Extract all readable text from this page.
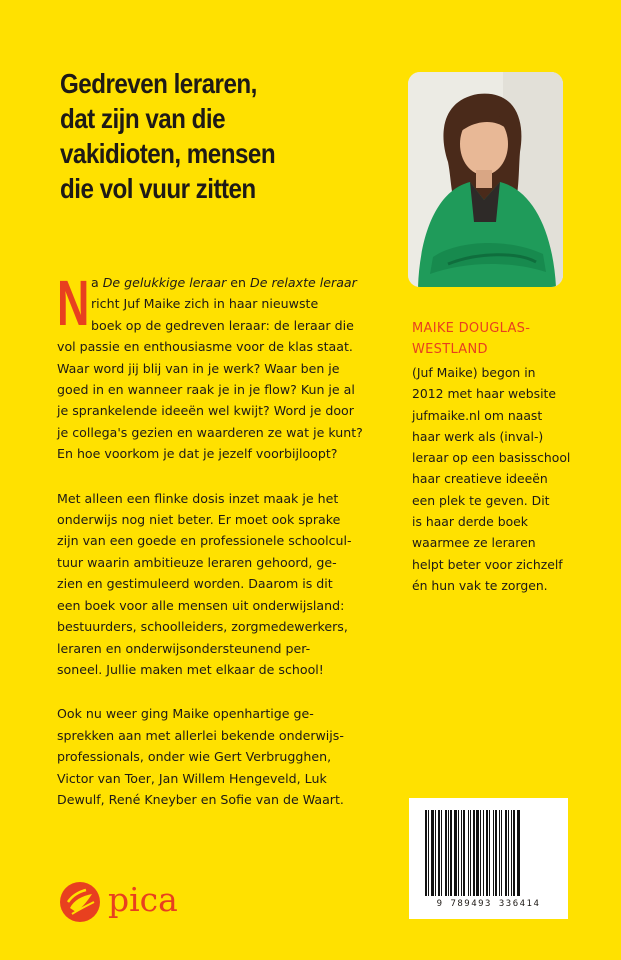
Gedreven leraren,
dat zijn van die
vakidioten, mensen
die vol vuur zitten
N a De gelukkige leraar en De relaxte leraar

richt Juf Maike zich in haar nieuwste

boek op de gedreven leraar: de leraar die

vol passie en enthousiasme voor de klas staat.

Waar word jij blij van in je werk? Waar ben je

goed in en wanneer raak je in je flow? Kun je al

je sprankelende ideeën wel kwijt? Word je door

je collega's gezien en waarderen ze wat je kunt?

En hoe voorkom je dat je jezelf voorbijloopt?

Met alleen een flinke dosis inzet maak je het

onderwijs nog niet beter. Er moet ook sprake

zijn van een goede en professionele schoolcul-

tuur waarin ambitieuze leraren gehoord, ge-

zien en gestimuleerd worden. Daarom is dit

een boek voor alle mensen uit onderwijsland:

bestuurders, schoolleiders, zorgmedewerkers,

leraren en onderwijsondersteunend per-

soneel. Jullie maken met elkaar de school!

Ook nu weer ging Maike openhartige ge-

sprekken aan met allerlei bekende onderwijs-

professionals, onder wie Gert Verbrugghen,

Victor van Toer, Jan Willem Hengeveld, Luk

Dewulf, René Kneyber en Sofie van de Waart.

MAIKE DOUGLAS-
WESTLAND
(Juf Maike) begon in
2012 met haar website
jufmaike.nl om naast
haar werk als (inval-)
leraar op een basisschool
haar creatieve ideeën
een plek te geven. Dit
is haar derde boek
waarmee ze leraren
helpt beter voor zichzelf
én hun vak te zorgen.
9 789493 336414
pica
